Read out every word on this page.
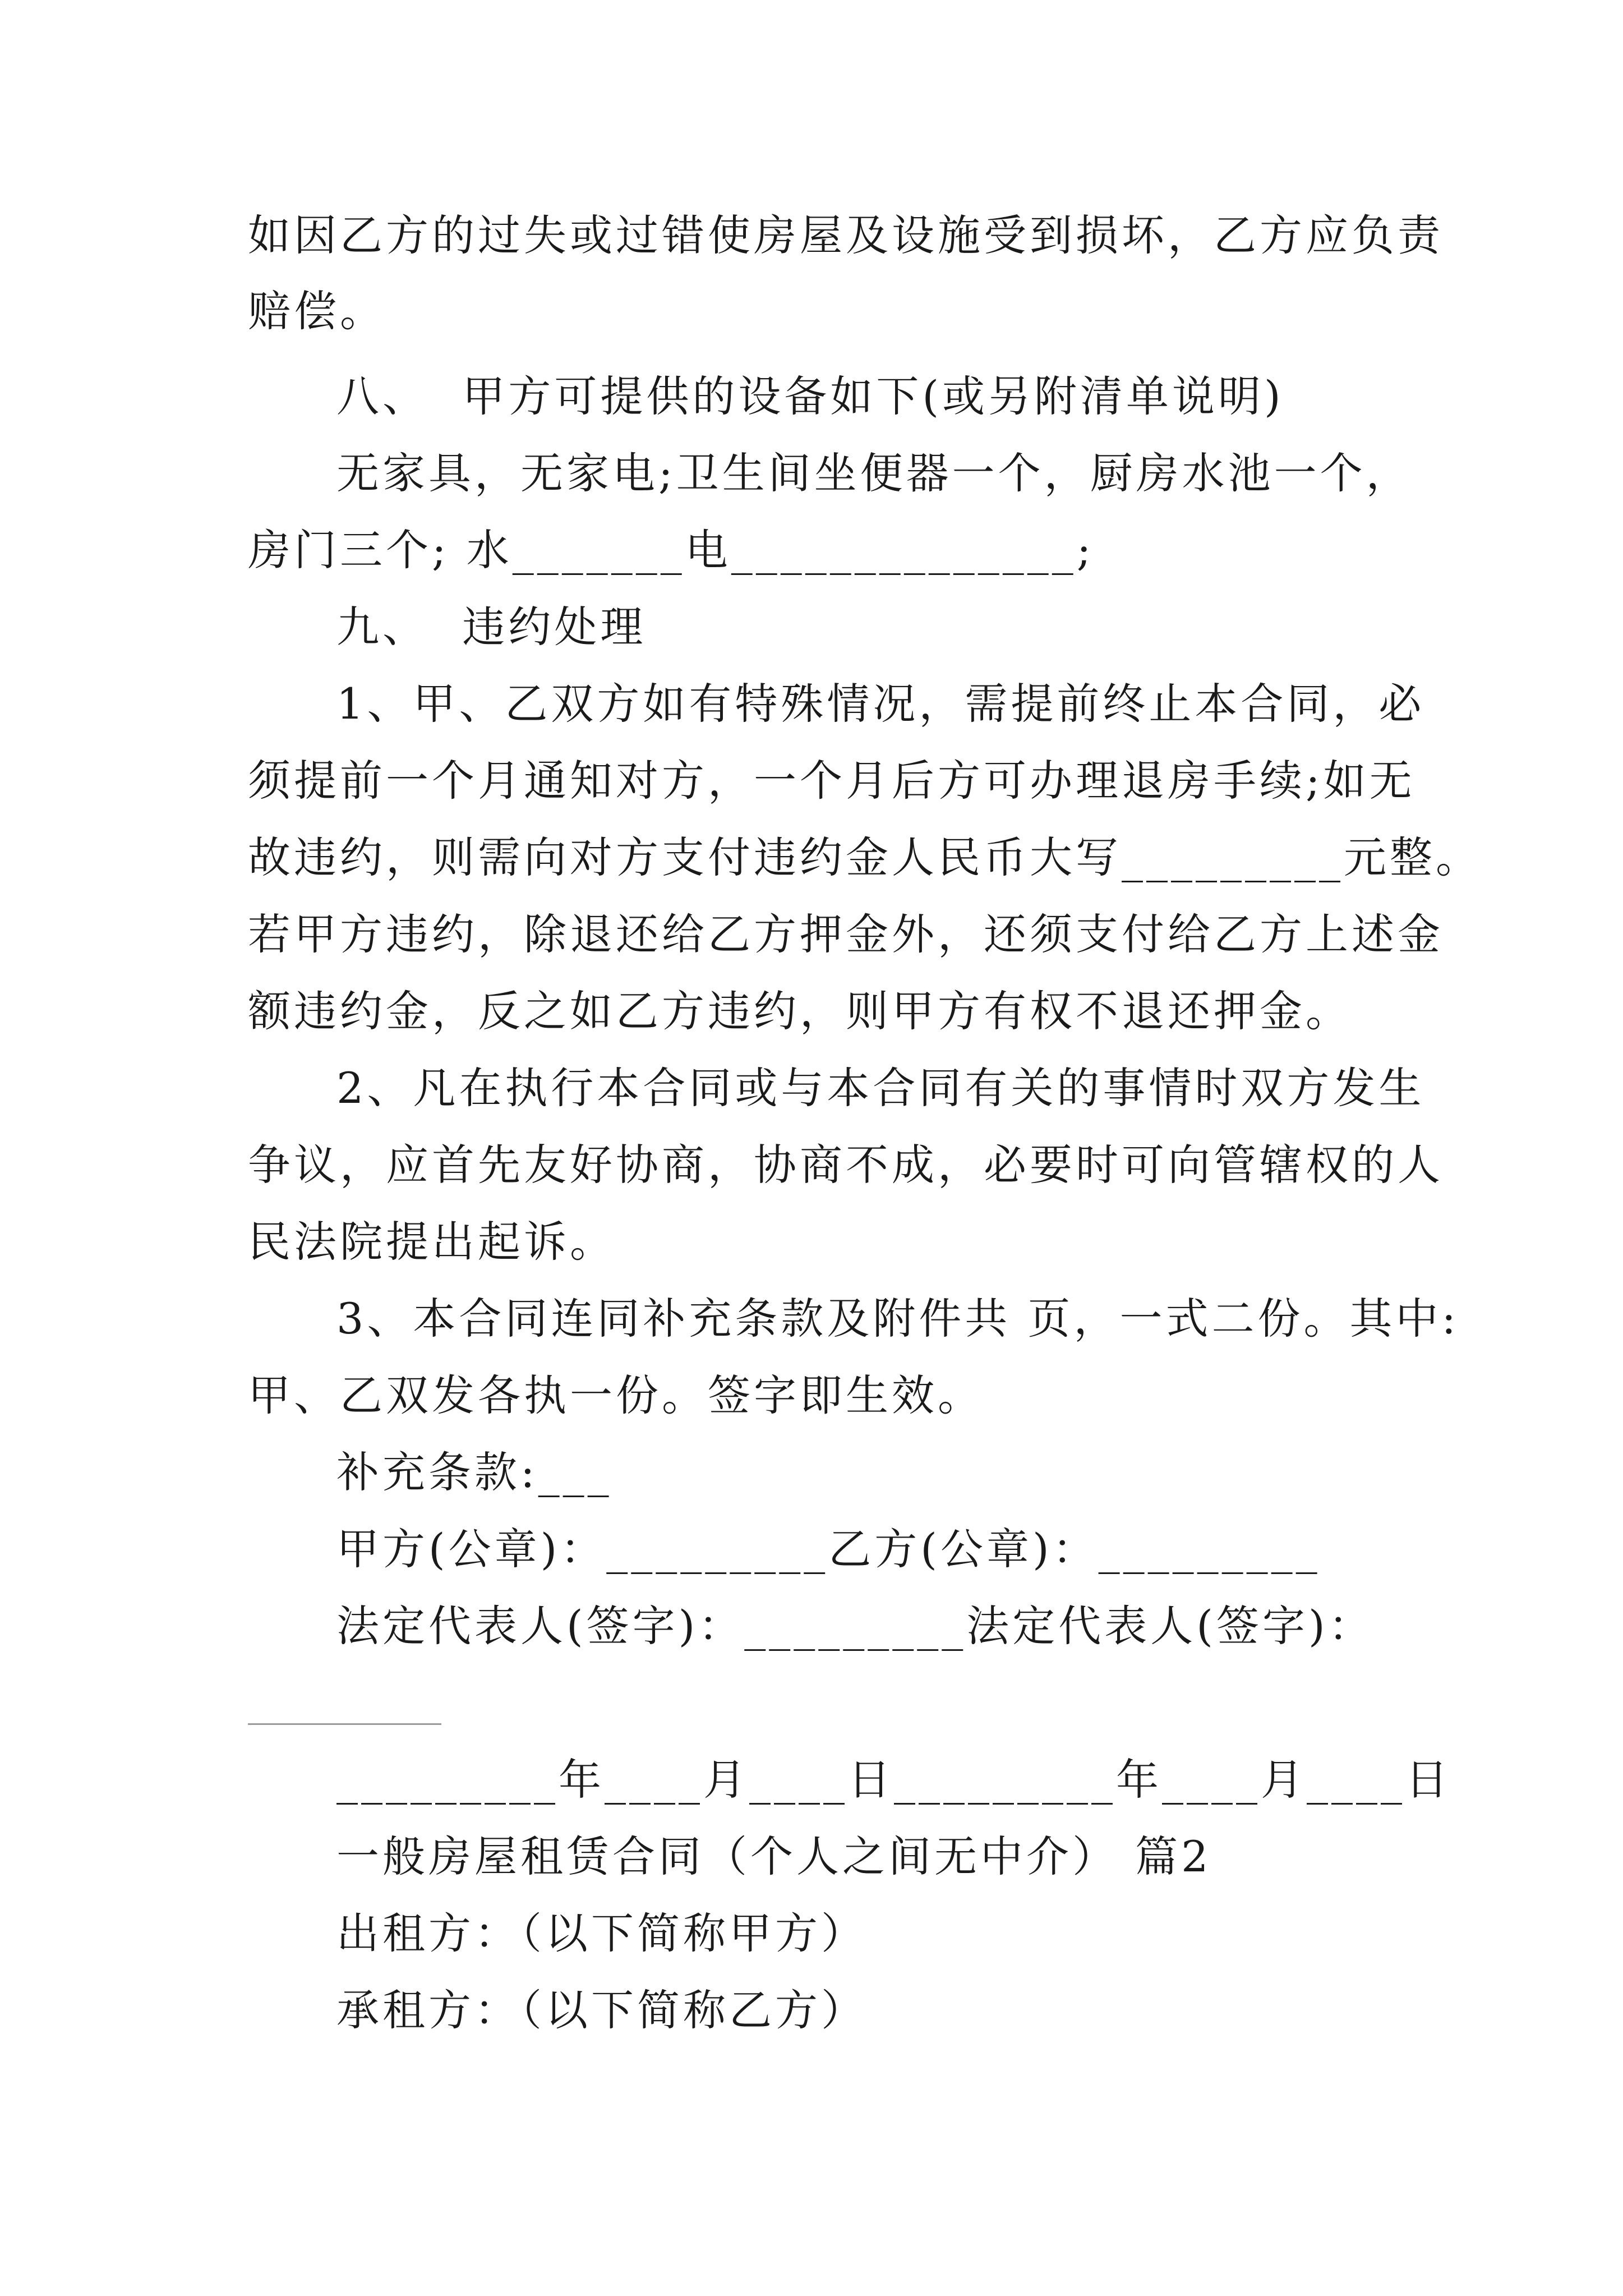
如因乙方的过失或过错使房屋及设施受到损坏，乙方应负责
赔偿。
八、  甲方可提供的设备如下(或另附清单说明)
无家具，无家电;卫生间坐便器一个，厨房水池一个，
房门三个; 水_______电______________;
九、  违约处理
1、甲、乙双方如有特殊情况，需提前终止本合同，必
须提前一个月通知对方，一个月后方可办理退房手续;如无
故违约，则需向对方支付违约金人民币大写_________元整。
若甲方违约，除退还给乙方押金外，还须支付给乙方上述金
额违约金，反之如乙方违约，则甲方有权不退还押金。
2、凡在执行本合同或与本合同有关的事情时双方发生
争议，应首先友好协商，协商不成，必要时可向管辖权的人
民法院提出起诉。
3、本合同连同补充条款及附件共 页，一式二份。其中:
甲、乙双发各执一份。签字即生效。
补充条款:___
甲方(公章)：_________乙方(公章)：_________
法定代表人(签字)：_________法定代表人(签字)：
_________年____月____日_________年____月____日
一般房屋租赁合同（个人之间无中介） 篇2
出租方：（以下简称甲方）
承租方：（以下简称乙方）
